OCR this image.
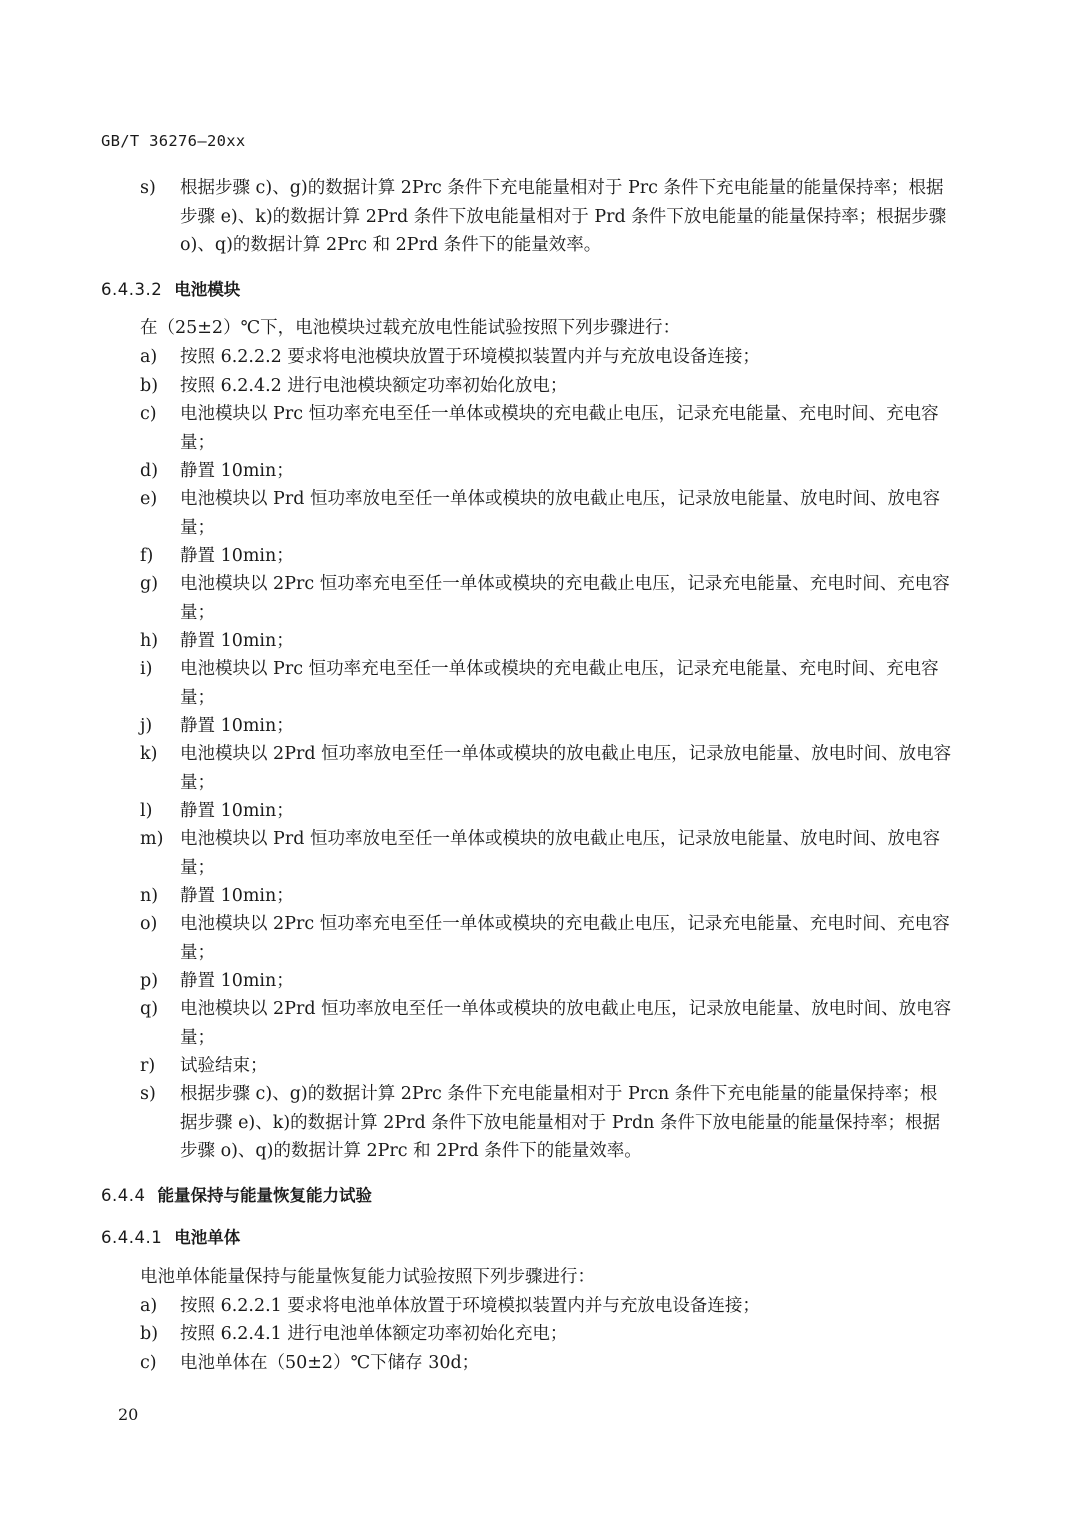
GB/T 36276—20xx
s)	根据步骤 c)、g)的数据计算 2Prc 条件下充电能量相对于 Prc 条件下充电能量的能量保持率；根据步骤 e)、k)的数据计算 2Prd 条件下放电能量相对于 Prd 条件下放电能量的能量保持率；根据步骤 o)、q)的数据计算 2Prc 和 2Prd 条件下的能量效率。
6.4.3.2 电池模块
在（25±2）℃下，电池模块过载充放电性能试验按照下列步骤进行：
a)	按照 6.2.2.2 要求将电池模块放置于环境模拟装置内并与充放电设备连接；
b)	按照 6.2.4.2 进行电池模块额定功率初始化放电；
c)	电池模块以 Prc 恒功率充电至任一单体或模块的充电截止电压，记录充电能量、充电时间、充电容量；
d)	静置 10min；
e)	电池模块以 Prd 恒功率放电至任一单体或模块的放电截止电压，记录放电能量、放电时间、放电容量；
f)	静置 10min；
g)	电池模块以 2Prc 恒功率充电至任一单体或模块的充电截止电压，记录充电能量、充电时间、充电容量；
h)	静置 10min；
i)	电池模块以 Prc 恒功率充电至任一单体或模块的充电截止电压，记录充电能量、充电时间、充电容量；
j)	静置 10min；
k)	电池模块以 2Prd 恒功率放电至任一单体或模块的放电截止电压，记录放电能量、放电时间、放电容量；
l)	静置 10min；
m) 电池模块以 Prd 恒功率放电至任一单体或模块的放电截止电压，记录放电能量、放电时间、放电容量；
n)	静置 10min；
o)	电池模块以 2Prc 恒功率充电至任一单体或模块的充电截止电压，记录充电能量、充电时间、充电容量；
p)	静置 10min；
q)	电池模块以 2Prd 恒功率放电至任一单体或模块的放电截止电压，记录放电能量、放电时间、放电容量；
r)	试验结束；
s)	根据步骤 c)、g)的数据计算 2Prc 条件下充电能量相对于 Prcn 条件下充电能量的能量保持率；根据步骤 e)、k)的数据计算 2Prd 条件下放电能量相对于 Prdn 条件下放电能量的能量保持率；根据步骤 o)、q)的数据计算 2Prc 和 2Prd 条件下的能量效率。
6.4.4 能量保持与能量恢复能力试验
6.4.4.1 电池单体
电池单体能量保持与能量恢复能力试验按照下列步骤进行：
a)	按照 6.2.2.1 要求将电池单体放置于环境模拟装置内并与充放电设备连接；
b)	按照 6.2.4.1 进行电池单体额定功率初始化充电；
c)	电池单体在（50±2）℃下储存 30d；
20
